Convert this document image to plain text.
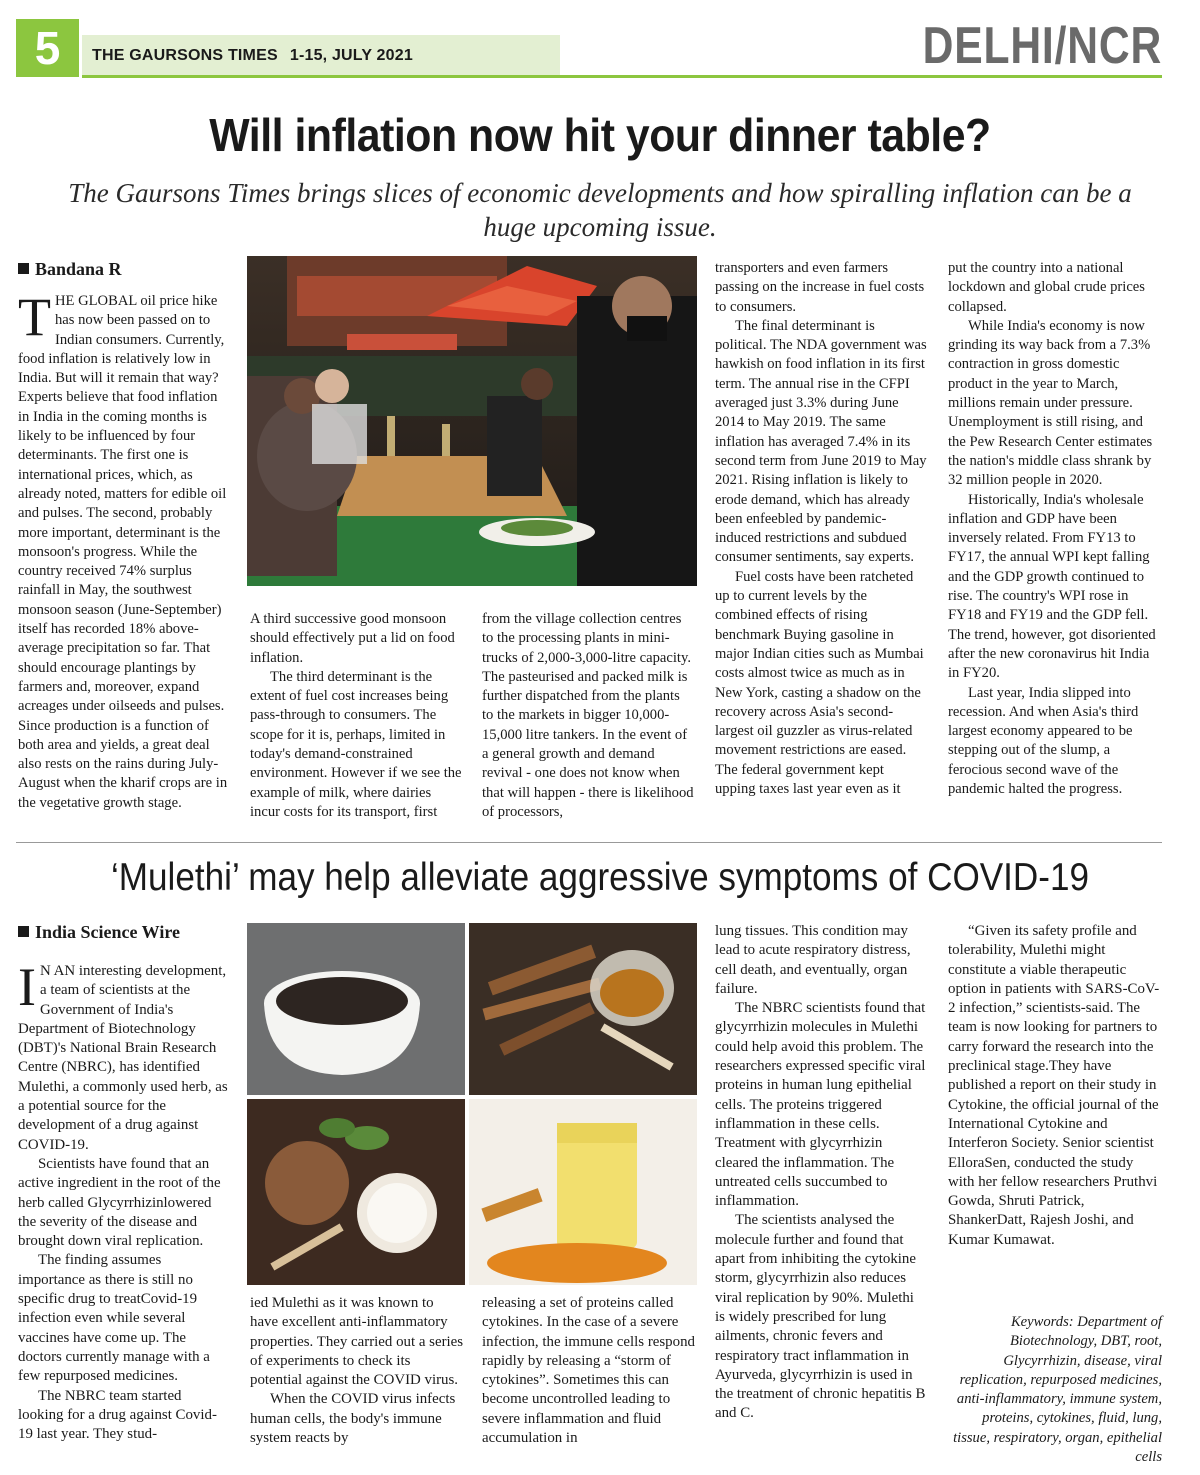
5	THE GAURSONS TIMES 1-15, JULY 2021	DELHI/NCR
Will inflation now hit your dinner table?
The Gaursons Times brings slices of economic developments and how spiralling inflation can be a huge upcoming issue.
Bandana R

THE GLOBAL oil price hike has now been passed on to Indian consumers. Currently, food inflation is relatively low in India. But will it remain that way? Experts believe that food inflation in India in the coming months is likely to be influenced by four determinants. The first one is international prices, which, as already noted, matters for edible oil and pulses. The second, probably more important, determinant is the monsoon's progress. While the country received 74% surplus rainfall in May, the southwest monsoon season (June-September) itself has recorded 18% above-average precipitation so far. That should encourage plantings by farmers and, moreover, expand acreages under oilseeds and pulses. Since production is a function of both area and yields, a great deal also rests on the rains during July-August when the kharif crops are in the vegetative growth stage.

A third successive good monsoon should effectively put a lid on food inflation.

The third determinant is the extent of fuel cost increases being pass-through to consumers. The scope for it is, perhaps, limited in today's demand-constrained environment. However if we see the example of milk, where dairies incur costs for its transport, first

from the village collection centres to the processing plants in mini-trucks of 2,000-3,000-litre capacity. The pasteurised and packed milk is further dispatched from the plants to the markets in bigger 10,000-15,000 litre tankers. In the event of a general growth and demand revival - one does not know when that will happen - there is likelihood of processors,

transporters and even farmers passing on the increase in fuel costs to consumers.

The final determinant is political. The NDA government was hawkish on food inflation in its first term. The annual rise in the CFPI averaged just 3.3% during June 2014 to May 2019. The same inflation has averaged 7.4% in its second term from June 2019 to May 2021. Rising inflation is likely to erode demand, which has already been enfeebled by pandemic-induced restrictions and subdued consumer sentiments, say experts.

Fuel costs have been ratcheted up to current levels by the combined effects of rising benchmark Buying gasoline in major Indian cities such as Mumbai costs almost twice as much as in New York, casting a shadow on the recovery across Asia's second-largest oil guzzler as virus-related movement restrictions are eased. The federal government kept upping taxes last year even as it

put the country into a national lockdown and global crude prices collapsed.

While India's economy is now grinding its way back from a 7.3% contraction in gross domestic product in the year to March, millions remain under pressure. Unemployment is still rising, and the Pew Research Center estimates the nation's middle class shrank by 32 million people in 2020.

Historically, India's wholesale inflation and GDP have been inversely related. From FY13 to FY17, the annual WPI kept falling and the GDP growth continued to rise. The country's WPI rose in FY18 and FY19 and the GDP fell. The trend, however, got disoriented after the new coronavirus hit India in FY20.

Last year, India slipped into recession. And when Asia's third largest economy appeared to be stepping out of the slump, a ferocious second wave of the pandemic halted the progress.

‘Mulethi’ may help alleviate aggressive symptoms of COVID-19
India Science Wire

I N AN interesting development, a team of scientists at the Government of India's Department of Biotechnology (DBT)'s National Brain Research Centre (NBRC), has identified Mulethi, a commonly used herb, as a potential source for the development of a drug against COVID-19.

Scientists have found that an active ingredient in the root of the herb called Glycyrrhizinlowered the severity of the disease and brought down viral replication.

The finding assumes importance as there is still no specific drug to treatCovid-19 infection even while several vaccines have come up. The doctors currently manage with a few repurposed medicines.

The NBRC team started looking for a drug against Covid-19 last year. They stud-

ied Mulethi as it was known to have excellent anti-inflammatory properties. They carried out a series of experiments to check its potential against the COVID virus.

When the COVID virus infects human cells, the body's immune system reacts by

releasing a set of proteins called cytokines. In the case of a severe infection, the immune cells respond rapidly by releasing a “storm of cytokines”. Sometimes this can become uncontrolled leading to severe inflammation and fluid accumulation in

lung tissues. This condition may lead to acute respiratory distress, cell death, and eventually, organ failure.

The NBRC scientists found that glycyrrhizin molecules in Mulethi could help avoid this problem. The researchers expressed specific viral proteins in human lung epithelial cells. The proteins triggered inflammation in these cells. Treatment with glycyrrhizin cleared the inflammation. The untreated cells succumbed to inflammation.

The scientists analysed the molecule further and found that apart from inhibiting the cytokine storm, glycyrrhizin also reduces viral replication by 90%. Mulethi is widely prescribed for lung ailments, chronic fevers and respiratory tract inflammation in Ayurveda, glycyrrhizin is used in the treatment of chronic hepatitis B and C.

“Given its safety profile and tolerability, Mulethi might constitute a viable therapeutic option in patients with SARS-CoV-2 infection,” scientists-said. The team is now looking for partners to carry forward the research into the preclinical stage.They have published a report on their study in Cytokine, the official journal of the International Cytokine and Interferon Society. Senior scientist ElloraSen, conducted the study with her fellow researchers Pruthvi Gowda, Shruti Patrick, ShankerDatt, Rajesh Joshi, and Kumar Kumawat.

Keywords: Department of Biotechnology, DBT, root, Glycyrrhizin, disease, viral replication, repurposed medicines, anti-inflammatory, immune system, proteins, cytokines, fluid, lung, tissue, respiratory, organ, epithelial cells
